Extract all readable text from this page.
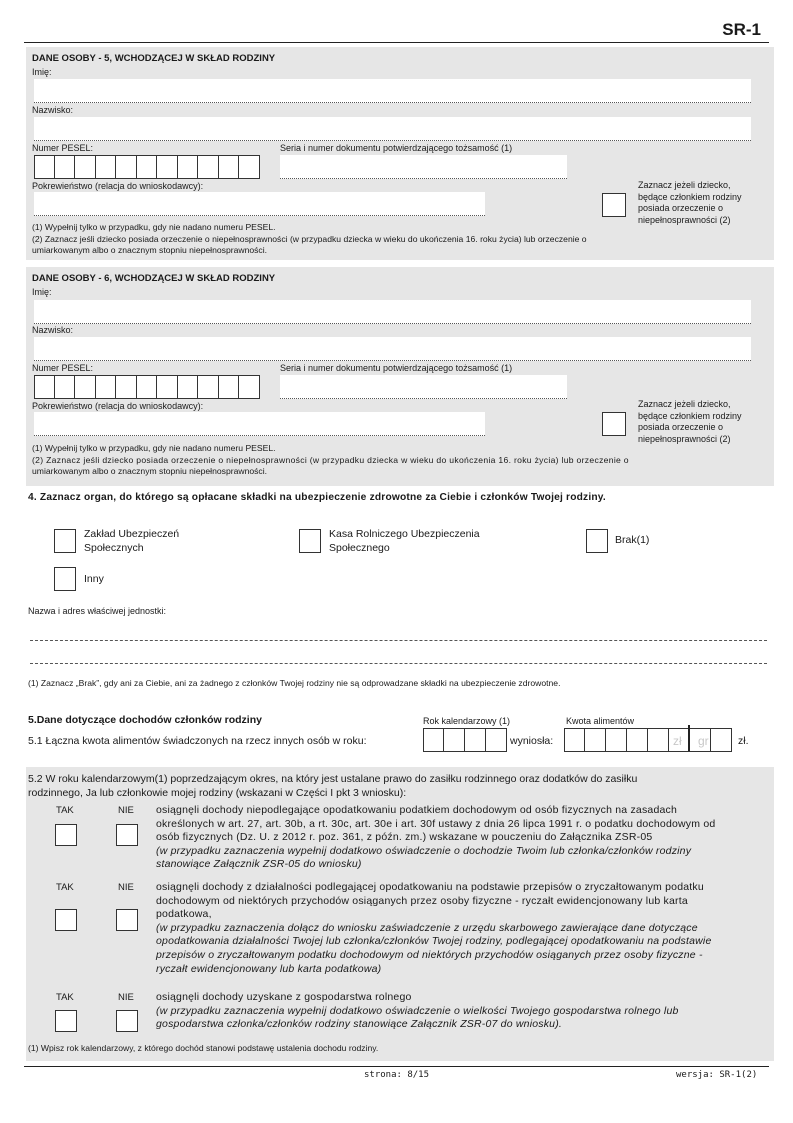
SR-1
DANE OSOBY - 5, WCHODZĄCEJ W SKŁAD RODZINY
Imię:
Nazwisko:
Numer PESEL:	Seria i numer dokumentu potwierdzającego tożsamość (1)
Pokrewieństwo (relacja do wnioskodawcy):	Zaznacz jeżeli dziecko,
będące członkiem rodziny
posiada orzeczenie o
niepełnosprawności (2)
(1) Wypełnij tylko w przypadku, gdy nie nadano numeru PESEL.
(2) Zaznacz jeśli dziecko posiada orzeczenie o niepełnosprawności (w przypadku dziecka w wieku do ukończenia 16. roku życia) lub orzeczenie o
umiarkowanym albo o znacznym stopniu niepełnosprawności.
DANE OSOBY - 6, WCHODZĄCEJ W SKŁAD RODZINY
Imię:
Nazwisko:
Numer PESEL:	Seria i numer dokumentu potwierdzającego tożsamość (1)
Pokrewieństwo (relacja do wnioskodawcy):	Zaznacz jeżeli dziecko,
będące członkiem rodziny
posiada orzeczenie o
niepełnosprawności (2)
(1) Wypełnij tylko w przypadku, gdy nie nadano numeru PESEL.
(2) Zaznacz jeśli dziecko posiada orzeczenie o niepełnosprawności (w przypadku dziecka w wieku do ukończenia 16. roku życia) lub orzeczenie o
umiarkowanym albo o znacznym stopniu niepełnosprawności.
4. Zaznacz organ, do którego są opłacane składki na ubezpieczenie zdrowotne za Ciebie i członków Twojej rodziny.
Zakład Ubezpieczeń
Społecznych
Kasa Rolniczego Ubezpieczenia
Społecznego
Brak(1)
Inny
Nazwa i adres właściwej jednostki:
(1) Zaznacz „Brak”, gdy ani za Ciebie, ani za żadnego z członków Twojej rodziny nie są odprowadzane składki na ubezpieczenie zdrowotne.
5.Dane dotyczące dochodów członków rodziny	Rok kalendarzowy (1)	Kwota alimentów
5.1 Łączna kwota alimentów świadczonych na rzecz innych osób w roku:	wyniosła:	zł gr	zł.
5.2 W roku kalendarzowym(1) poprzedzającym okres, na który jest ustalane prawo do zasiłku rodzinnego oraz dodatków do zasiłku
rodzinnego, Ja lub członkowie mojej rodziny (wskazani w Części I pkt 3 wniosku):
TAK	NIE osiągnęli dochody niepodlegające opodatkowaniu podatkiem dochodowym od osób fizycznych na zasadach
określonych w art. 27, art. 30b, a rt. 30c, art. 30e i art. 30f ustawy z dnia 26 lipca 1991 r. o podatku dochodowym od
osób fizycznych (Dz. U. z 2012 r. poz. 361, z późn. zm.) wskazane w pouczeniu do Załącznika ZSR-05
(w przypadku zaznaczenia wypełnij dodatkowo oświadczenie o dochodzie Twoim lub członka/członków rodziny
stanowiące Załącznik ZSR-05 do wniosku)
TAK	NIE osiągnęli dochody z działalności podlegającej opodatkowaniu na podstawie przepisów o zryczałtowanym podatku
dochodowym od niektórych przychodów osiąganych przez osoby fizyczne - ryczałt ewidencjonowany lub karta
podatkowa,
(w przypadku zaznaczenia dołącz do wniosku zaświadczenie z urzędu skarbowego zawierające dane dotyczące
opodatkowania działalności Twojej lub członka/członków Twojej rodziny, podlegającej opodatkowaniu na podstawie
przepisów o zryczałtowanym podatku dochodowym od niektórych przychodów osiąganych przez osoby fizyczne -
ryczałt ewidencjonowany lub karta podatkowa)
TAK	NIE osiągnęli dochody uzyskane z gospodarstwa rolnego
(w przypadku zaznaczenia wypełnij dodatkowo oświadczenie o wielkości Twojego gospodarstwa rolnego lub
gospodarstwa członka/członków rodziny stanowiące Załącznik ZSR-07 do wniosku).
(1) Wpisz rok kalendarzowy, z którego dochód stanowi podstawę ustalenia dochodu rodziny.
strona: 8/15	wersja: SR-1(2)
